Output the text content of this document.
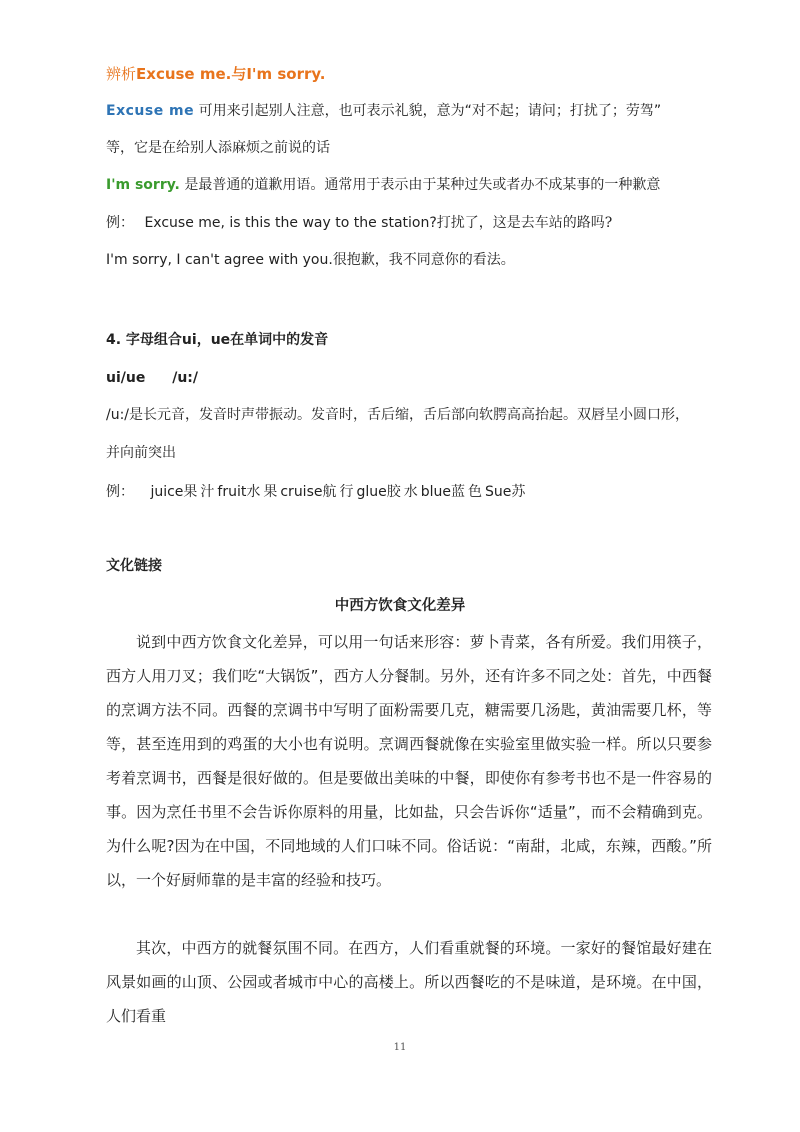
辨析Excuse me.与I'm sorry.
Excuse me 可用来引起别人注意，也可表示礼貌，意为“对不起；请问；打扰了；劳驾”
等，它是在给别人添麻烦之前说的话
I'm sorry. 是最普通的道歉用语。通常用于表示由于某种过失或者办不成某事的一种歉意
例： Excuse me, is this the way to the station?打扰了，这是去车站的路吗?
I'm sorry, I can't agree with you.很抱歉，我不同意你的看法。
4. 字母组合ui，ue在单词中的发音
ui/ue /u:/
/u:/是长元音，发音时声带振动。发音时，舌后缩，舌后部向软腭高高抬起。双唇呈小圆口形，
并向前突出
例： juice果汁fruit水果cruise航行glue胶水blue蓝色Sue苏
文化链接
中西方饮食文化差异

说到中西方饮食文化差异，可以用一句话来形容：萝卜青菜，各有所爱。我们用筷子，西方人用刀叉；我们吃“大锅饭”，西方人分餐制。另外，还有许多不同之处：首先，中西餐的烹调方法不同。西餐的烹调书中写明了面粉需要几克，糖需要几汤匙，黄油需要几杯，等等，甚至连用到的鸡蛋的大小也有说明。烹调西餐就像在实验室里做实验一样。所以只要参考着烹调书，西餐是很好做的。但是要做出美味的中餐，即使你有参考书也不是一件容易的事。因为烹任书里不会告诉你原料的用量，比如盐，只会告诉你“适量”，而不会精确到克。为什么呢?因为在中国，不同地域的人们口味不同。俗话说：“南甜，北咸，东辣，西酸。”所以，一个好厨师靠的是丰富的经验和技巧。

其次，中西方的就餐氛围不同。在西方，人们看重就餐的环境。一家好的餐馆最好建在风景如画的山顶、公园或者城市中心的高楼上。所以西餐吃的不是味道，是环境。在中国，人们看重

11
